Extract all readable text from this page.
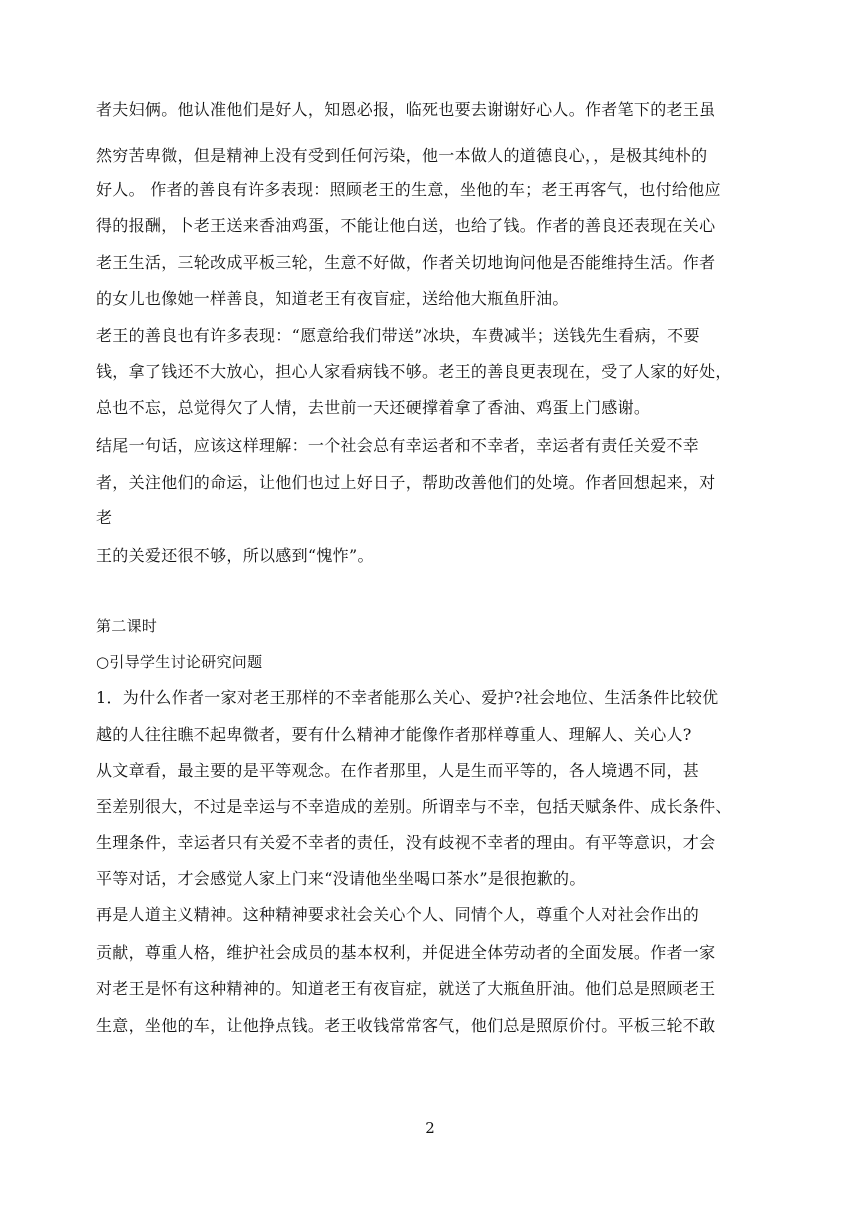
者夫妇俩。他认准他们是好人，知恩必报，临死也要去谢谢好心人。作者笔下的老王虽
然穷苦卑微，但是精神上没有受到任何污染，他一本做人的道德良心，，是极其纯朴的
好人。 作者的善良有许多表现：照顾老王的生意，坐他的车；老王再客气，也付给他应
得的报酬，卜老王送来香油鸡蛋，不能让他白送，也给了钱。作者的善良还表现在关心
老王生活，三轮改成平板三轮，生意不好做，作者关切地询问他是否能维持生活。作者
的女儿也像她一样善良，知道老王有夜盲症，送给他大瓶鱼肝油。
老王的善良也有许多表现：“愿意给我们带送”冰块，车费减半；送钱先生看病，不要
钱，拿了钱还不大放心，担心人家看病钱不够。老王的善良更表现在，受了人家的好处，
总也不忘，总觉得欠了人情，去世前一天还硬撑着拿了香油、鸡蛋上门感谢。
结尾一句话，应该这样理解：一个社会总有幸运者和不幸者，幸运者有责任关爱不幸
者，关注他们的命运，让他们也过上好日子，帮助改善他们的处境。作者回想起来，对
老
王的关爱还很不够，所以感到“愧怍”。
第二课时
○引导学生讨论研究问题
1．为什么作者一家对老王那样的不幸者能那么关心、爱护?社会地位、生活条件比较优
越的人往往瞧不起卑微者，要有什么精神才能像作者那样尊重人、理解人、关心人?
从文章看，最主要的是平等观念。在作者那里，人是生而平等的，各人境遇不同，甚
至差别很大，不过是幸运与不幸造成的差别。所谓幸与不幸，包括天赋条件、成长条件、
生理条件，幸运者只有关爱不幸者的责任，没有歧视不幸者的理由。有平等意识，才会
平等对话，才会感觉人家上门来“没请他坐坐喝口茶水”是很抱歉的。
再是人道主义精神。这种精神要求社会关心个人、同情个人，尊重个人对社会作出的
贡献，尊重人格，维护社会成员的基本权利，并促进全体劳动者的全面发展。作者一家
对老王是怀有这种精神的。知道老王有夜盲症，就送了大瓶鱼肝油。他们总是照顾老王
生意，坐他的车，让他挣点钱。老王收钱常常客气，他们总是照原价付。平板三轮不敢
2
